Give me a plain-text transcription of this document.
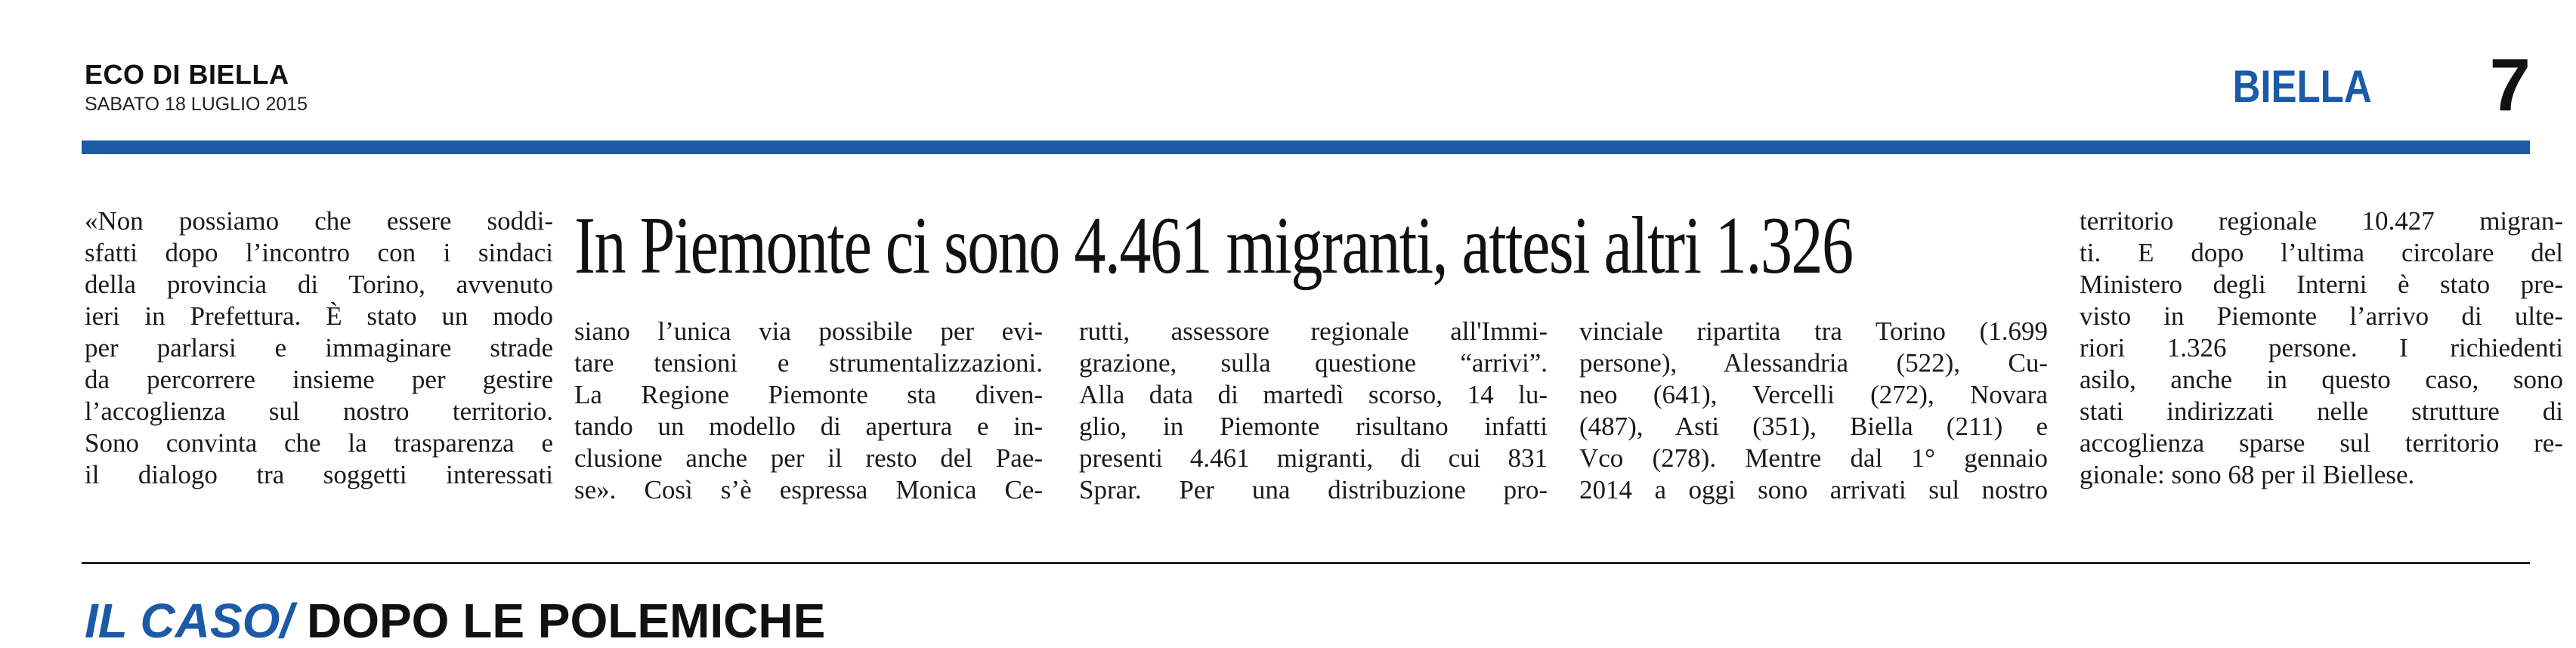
ECO DI BIELLA
SABATO 18 LUGLIO 2015	BIELLA 7
In Piemonte ci sono 4.461 migranti, attesi altri 1.326

«Non possiamo che essere soddi-
sfatti dopo l’incontro con i sindaci
della provincia di Torino, avvenuto
ieri in Prefettura. È stato un modo
per parlarsi e immaginare strade
da percorrere insieme per gestire
l’accoglienza sul nostro territorio.
Sono convinta che la trasparenza e
il dialogo tra soggetti interessati

siano l’unica via possibile per evi-
tare tensioni e strumentalizzazioni.
La Regione Piemonte sta diven-
tando un modello di apertura e in-
clusione anche per il resto del Pae-
se». Così s’è espressa Monica Ce-

rutti, assessore regionale all'Immi-
grazione, sulla questione “arrivi”.
Alla data di martedì scorso, 14 lu-
glio, in Piemonte risultano infatti
presenti 4.461 migranti, di cui 831
Sprar. Per una distribuzione pro-

vinciale ripartita tra Torino (1.699
persone), Alessandria (522), Cu-
neo (641), Vercelli (272), Novara
(487), Asti (351), Biella (211) e
Vco (278). Mentre dal 1° gennaio
2014 a oggi sono arrivati sul nostro

territorio regionale 10.427 migran-
ti. E dopo l’ultima circolare del
Ministero degli Interni è stato pre-
visto in Piemonte l’arrivo di ulte-
riori 1.326 persone. I richiedenti
asilo, anche in questo caso, sono
stati indirizzati nelle strutture di
accoglienza sparse sul territorio re-
gionale: sono 68 per il Biellese.

IL CASO/ DOPO LE POLEMICHE
